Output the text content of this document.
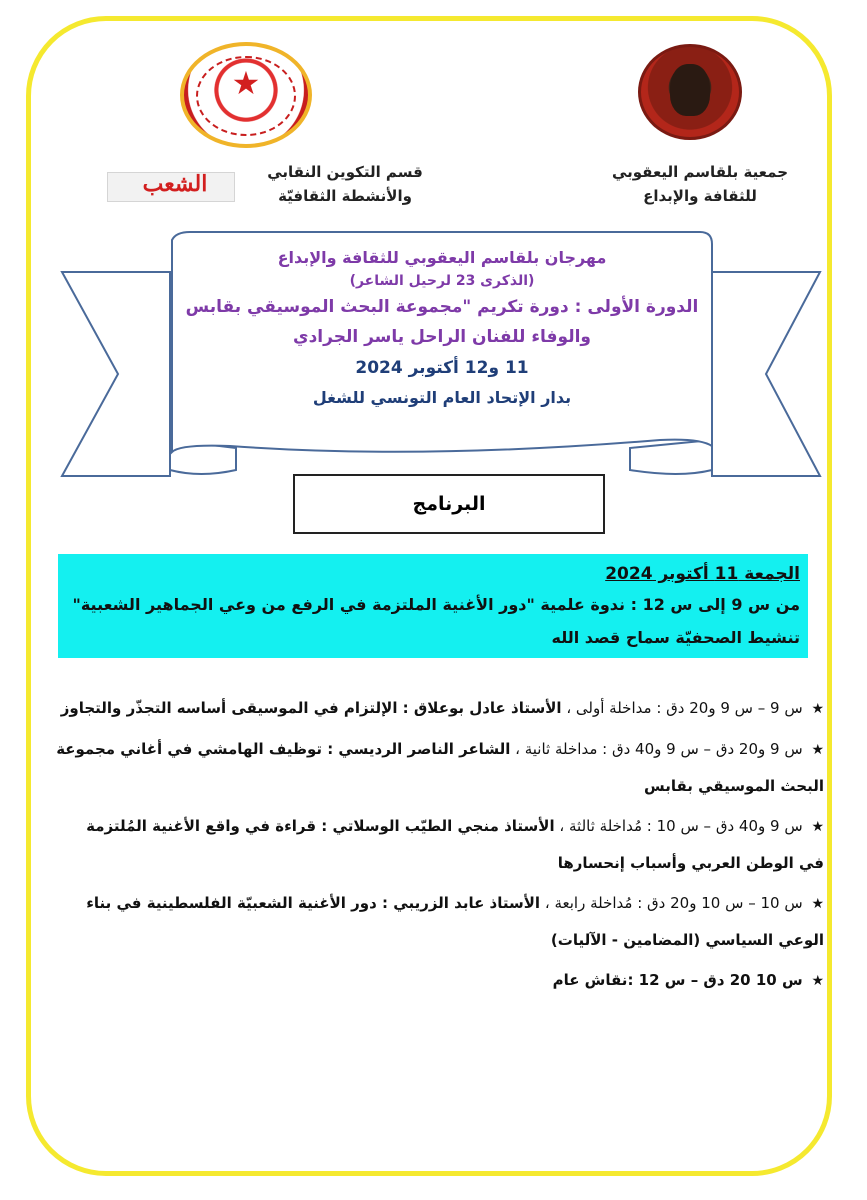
★
الشعب	جمعية بلقاسم اليعقوبي
للثقافة والإبداع
قسم التكوين النقابي
والأنشطة الثقافيّة
مهرجان بلقاسم اليعقوبي للثقافة والإبداع
(الذكرى 23 لرحيل الشاعر)
الدورة الأولى : دورة تكريم "مجموعة البحث الموسيقي بقابس
والوفاء للفنان الراحل ياسر الجرادي
11 و12 أكتوبر 2024
بدار الإتحاد العام التونسي للشغل
البرنامج
الجمعة 11 أكتوبر 2024
من س 9 إلى س 12 : ندوة علمية "دور الأغنية الملتزمة في الرفع من وعي الجماهير الشعبية"
تنشيط الصحفيّة سماح قصد الله
★ س 9 – س 9 و20 دق : مداخلة أولى ، الأستاذ عادل بوعلاق : الإلتزام في الموسيقى أساسه التجذّر والتجاوز
★ س 9 و20 دق – س 9 و40 دق : مداخلة ثانية ، الشاعر الناصر الرديسي : توظيف الهامشي في أغاني مجموعة البحث الموسيقي بقابس
★ س 9 و40 دق – س 10 : مُداخلة ثالثة ، الأستاذ منجي الطيّب الوسلاتي : قراءة في واقع الأغنية المُلتزمة في الوطن العربي وأسباب إنحسارها
★ س 10 – س 10 و20 دق : مُداخلة رابعة ، الأستاذ عابد الزريبي : دور الأغنية الشعبيّة الفلسطينية في بناء الوعي السياسي (المضامين - الآليات)
★ س 10 20 دق – س 12 :نقاش عام
